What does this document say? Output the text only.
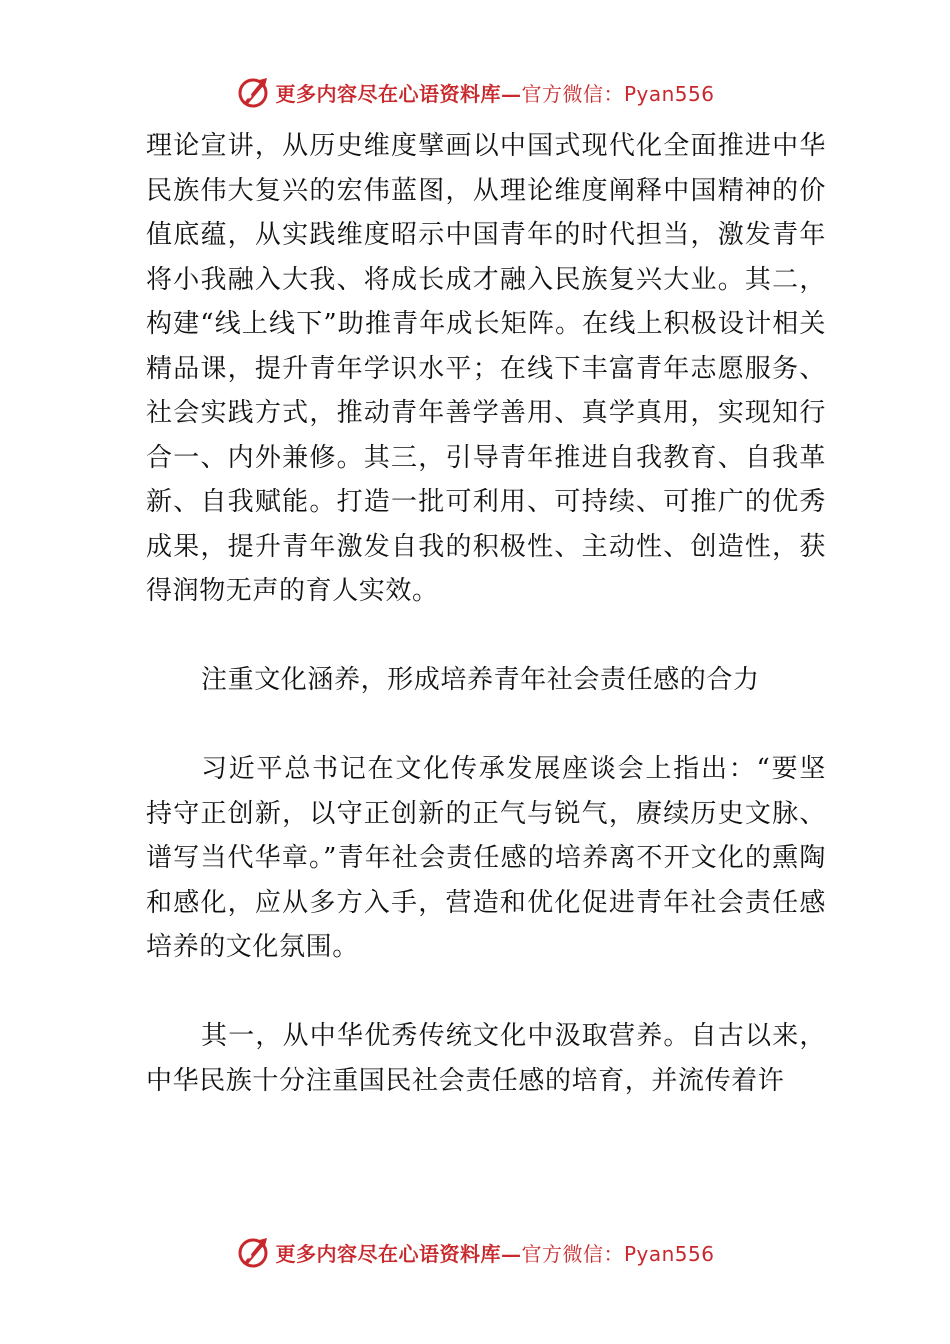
更多内容尽在心语资料库—官方微信：Pyan556

理论宣讲，从历史维度擘画以中国式现代化全面推进中华民族伟大复兴的宏伟蓝图，从理论维度阐释中国精神的价值底蕴，从实践维度昭示中国青年的时代担当，激发青年将小我融入大我、将成长成才融入民族复兴大业。其二，构建“线上线下”助推青年成长矩阵。在线上积极设计相关精品课，提升青年学识水平；在线下丰富青年志愿服务、社会实践方式，推动青年善学善用、真学真用，实现知行合一、内外兼修。其三，引导青年推进自我教育、自我革新、自我赋能。打造一批可利用、可持续、可推广的优秀成果，提升青年激发自我的积极性、主动性、创造性，获得润物无声的育人实效。

注重文化涵养，形成培养青年社会责任感的合力

习近平总书记在文化传承发展座谈会上指出：“要坚持守正创新，以守正创新的正气与锐气，赓续历史文脉、谱写当代华章。”青年社会责任感的培养离不开文化的熏陶和感化，应从多方入手，营造和优化促进青年社会责任感培养的文化氛围。

其一，从中华优秀传统文化中汲取营养。自古以来，中华民族十分注重国民社会责任感的培育，并流传着许

更多内容尽在心语资料库—官方微信：Pyan556
